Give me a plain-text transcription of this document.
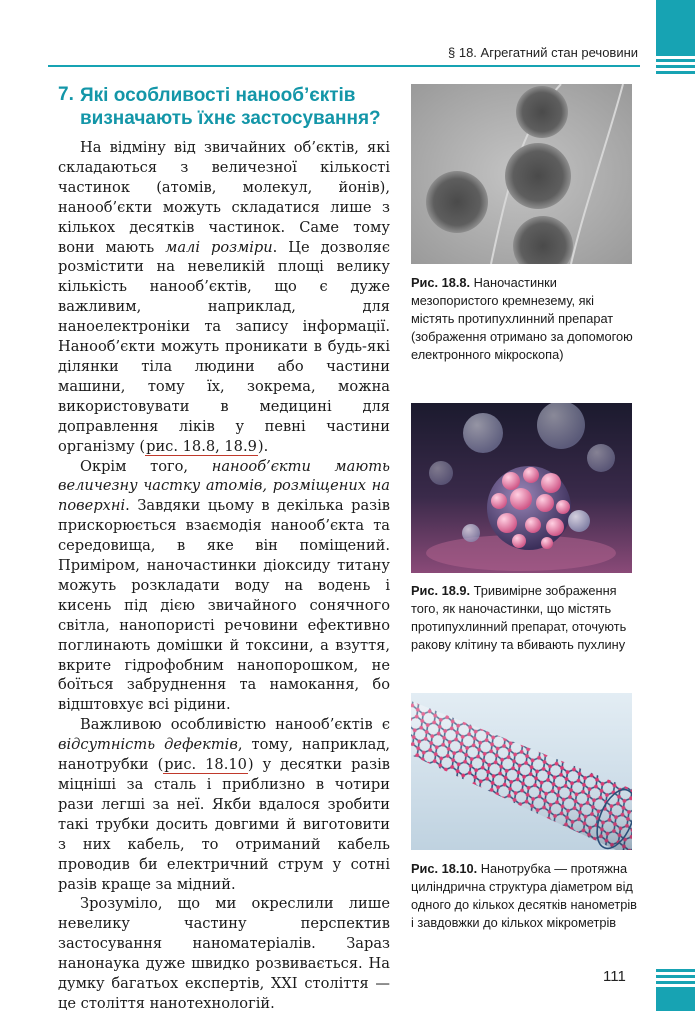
§ 18. Агрегатний стан речовини
7. Які особливості нанооб’єктів визначають їхнє застосування?

На відміну від звичайних об’єктів, які складаються з величезної кількості частинок (атомів, молекул, йонів), нанооб’єкти можуть складатися лише з кількох десятків частинок. Саме тому вони мають малі розміри. Це дозволяє розмістити на невеликій площі велику кількість нанооб’єктів, що є дуже важливим, наприклад, для наноелектроніки та запису інформації. Нанооб’єкти можуть проникати в будь-які ділянки тіла людини або частини машини, тому їх, зокрема, можна використовувати в медицині для доправлення ліків у певні частини організму (рис. 18.8, 18.9).

Окрім того, нанооб’єкти мають величезну частку атомів, розміщених на поверхні. Завдяки цьому в декілька разів прискорюється взаємодія нанооб’єкта та середовища, в яке він поміщений. Приміром, наночастинки діоксиду титану можуть розкладати воду на водень і кисень під дією звичайного сонячного світла, нанопористі речовини ефективно поглинають домішки й токсини, а взуття, вкрите гідрофобним нанопорошком, не боїться забруднення та намокання, бо відштовхує всі рідини.

Важливою особливістю нанооб’єктів є відсутність дефектів, тому, наприклад, нанотрубки (рис. 18.10) у десятки разів міцніші за сталь і приблизно в чотири рази легші за неї. Якби вдалося зробити такі трубки досить довгими й виготовити з них кабель, то отриманий кабель проводив би електричний струм у сотні разів краще за мідний.

Зрозуміло, що ми окреслили лише невелику частину перспектив застосування наноматеріалів. Зараз нанонаука дуже швидко розвивається. На думку багатьох експертів, XXI століття — це століття нанотехнологій.

Рис. 18.8. Наночастинки мезопористого кремнезему, які містять протипухлинний препарат (зображення отримано за допомогою електронного мікроскопа)
Рис. 18.9. Тривимірне зображення того, як наночастинки, що містять протипухлинний препарат, оточують ракову клітину та вбивають пухлину
Рис. 18.10. Нанотрубка — протяжна циліндрична структура діаметром від одного до кількох десятків нанометрів і завдовжки до кількох мікрометрів
111
